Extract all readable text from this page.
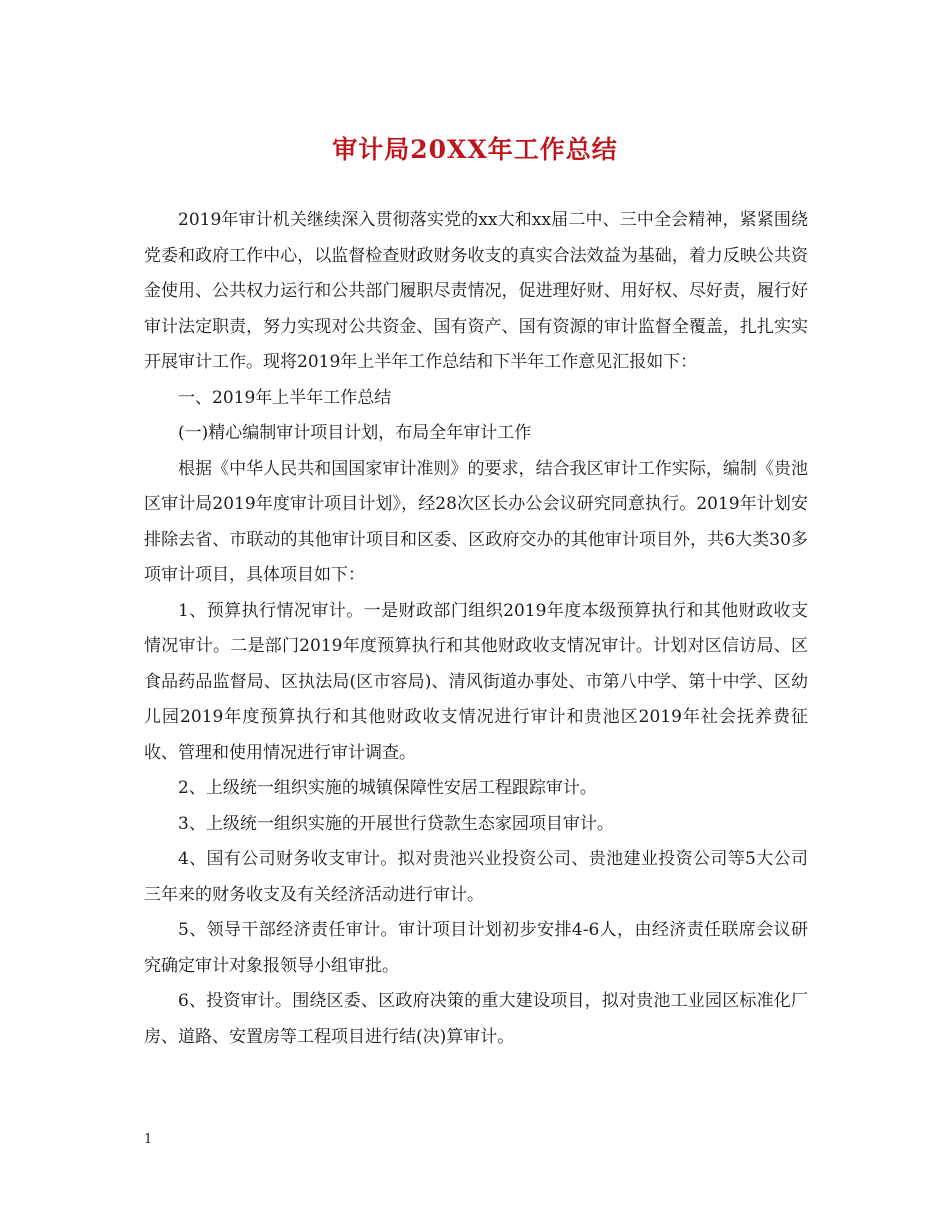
审计局20XX年工作总结

2019年审计机关继续深入贯彻落实党的xx大和xx届二中、三中全会精神，紧紧围绕党委和政府工作中心，以监督检查财政财务收支的真实合法效益为基础，着力反映公共资金使用、公共权力运行和公共部门履职尽责情况，促进理好财、用好权、尽好责，履行好审计法定职责，努力实现对公共资金、国有资产、国有资源的审计监督全覆盖，扎扎实实开展审计工作。现将2019年上半年工作总结和下半年工作意见汇报如下：

一、2019年上半年工作总结

(一)精心编制审计项目计划，布局全年审计工作

根据《中华人民共和国国家审计准则》的要求，结合我区审计工作实际，编制《贵池区审计局2019年度审计项目计划》，经28次区长办公会议研究同意执行。2019年计划安排除去省、市联动的其他审计项目和区委、区政府交办的其他审计项目外，共6大类30多项审计项目，具体项目如下：

1、预算执行情况审计。一是财政部门组织2019年度本级预算执行和其他财政收支情况审计。二是部门2019年度预算执行和其他财政收支情况审计。计划对区信访局、区食品药品监督局、区执法局(区市容局)、清风街道办事处、市第八中学、第十中学、区幼儿园2019年度预算执行和其他财政收支情况进行审计和贵池区2019年社会抚养费征收、管理和使用情况进行审计调查。

2、上级统一组织实施的城镇保障性安居工程跟踪审计。

3、上级统一组织实施的开展世行贷款生态家园项目审计。

4、国有公司财务收支审计。拟对贵池兴业投资公司、贵池建业投资公司等5大公司三年来的财务收支及有关经济活动进行审计。

5、领导干部经济责任审计。审计项目计划初步安排4-6人，由经济责任联席会议研究确定审计对象报领导小组审批。

6、投资审计。围绕区委、区政府决策的重大建设项目，拟对贵池工业园区标准化厂房、道路、安置房等工程项目进行结(决)算审计。

1
